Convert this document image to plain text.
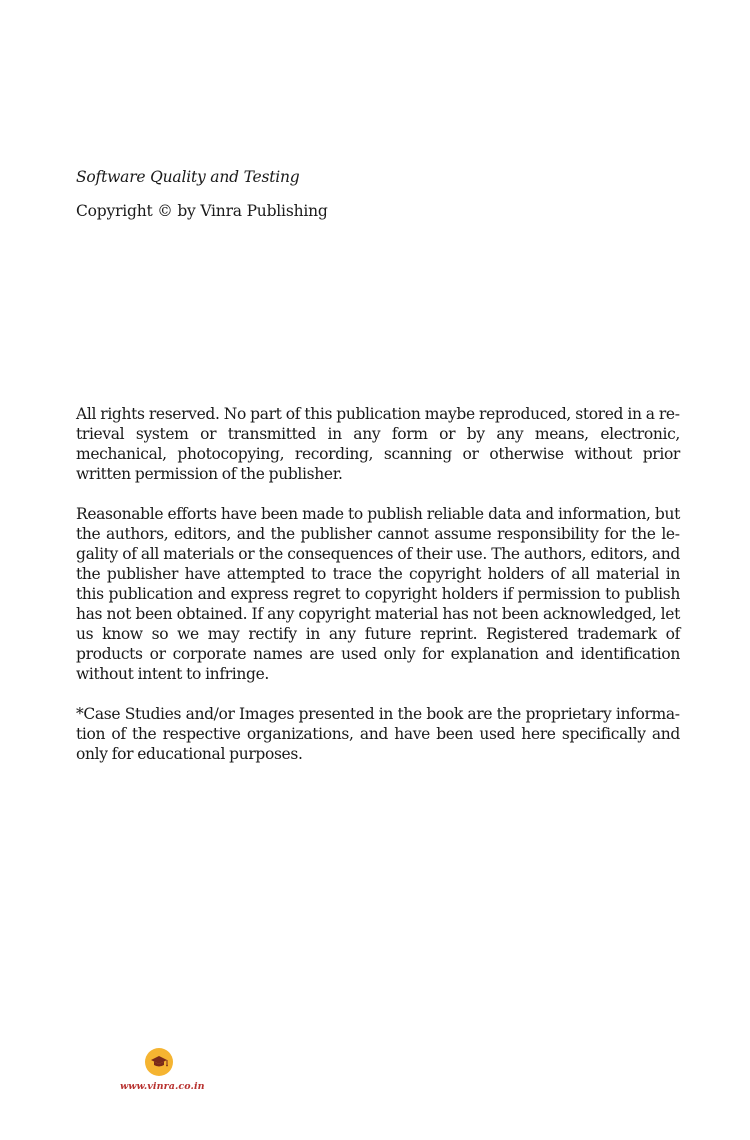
Software Quality and Testing

Copyright © by Vinra Publishing

All rights reserved. No part of this publication maybe reproduced, stored in a retrieval system or transmitted in any form or by any means, electronic, mechanical, photocopying, recording, scanning or otherwise without prior written permission of the publisher.

Reasonable efforts have been made to publish reliable data and information, but the authors, editors, and the publisher cannot assume responsibility for the legality of all materials or the consequences of their use. The authors, editors, and the publisher have attempted to trace the copyright holders of all material in this publication and express regret to copyright holders if permission to publish has not been obtained. If any copyright material has not been acknowledged, let us know so we may rectify in any future reprint. Registered trademark of products or corporate names are used only for explanation and identification without intent to infringe.

*Case Studies and/or Images presented in the book are the proprietary information of the respective organizations, and have been used here specifically and only for educational purposes.

www.vinra.co.in
